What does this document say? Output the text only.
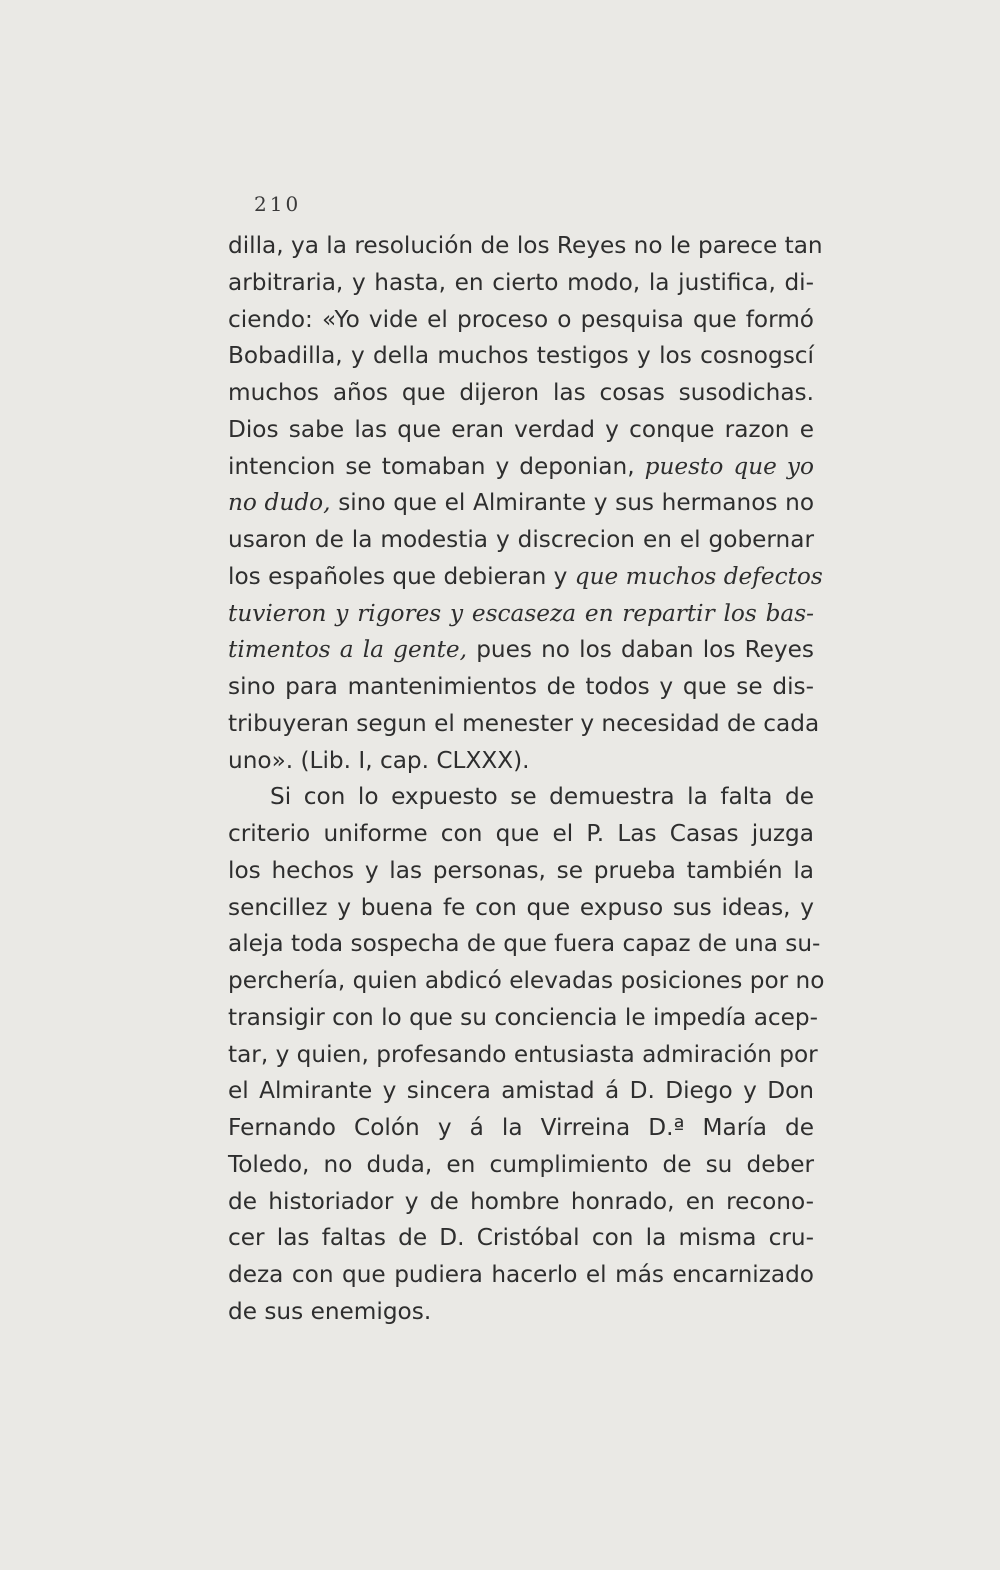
210
dilla, ya la resolución de los Reyes no le parece tan
arbitraria, y hasta, en cierto modo, la justifica, di-
ciendo: «Yo vide el proceso o pesquisa que formó
Bobadilla, y della muchos testigos y los cosnogscí
muchos años que dijeron las cosas susodichas.
Dios sabe las que eran verdad y conque razon e
intencion se tomaban y deponian, puesto que yo
no dudo, sino que el Almirante y sus hermanos no
usaron de la modestia y discrecion en el gobernar
los españoles que debieran y que muchos defectos
tuvieron y rigores y escaseza en repartir los bas-
timentos a la gente, pues no los daban los Reyes
sino para mantenimientos de todos y que se dis-
tribuyeran segun el menester y necesidad de cada
uno». (Lib. I, cap. CLXXX).
Si con lo expuesto se demuestra la falta de
criterio uniforme con que el P. Las Casas juzga
los hechos y las personas, se prueba también la
sencillez y buena fe con que expuso sus ideas, y
aleja toda sospecha de que fuera capaz de una su-
perchería, quien abdicó elevadas posiciones por no
transigir con lo que su conciencia le impedía acep-
tar, y quien, profesando entusiasta admiración por
el Almirante y sincera amistad á D. Diego y Don
Fernando Colón y á la Virreina D.ª María de
Toledo, no duda, en cumplimiento de su deber
de historiador y de hombre honrado, en recono-
cer las faltas de D. Cristóbal con la misma cru-
deza con que pudiera hacerlo el más encarnizado
de sus enemigos.
